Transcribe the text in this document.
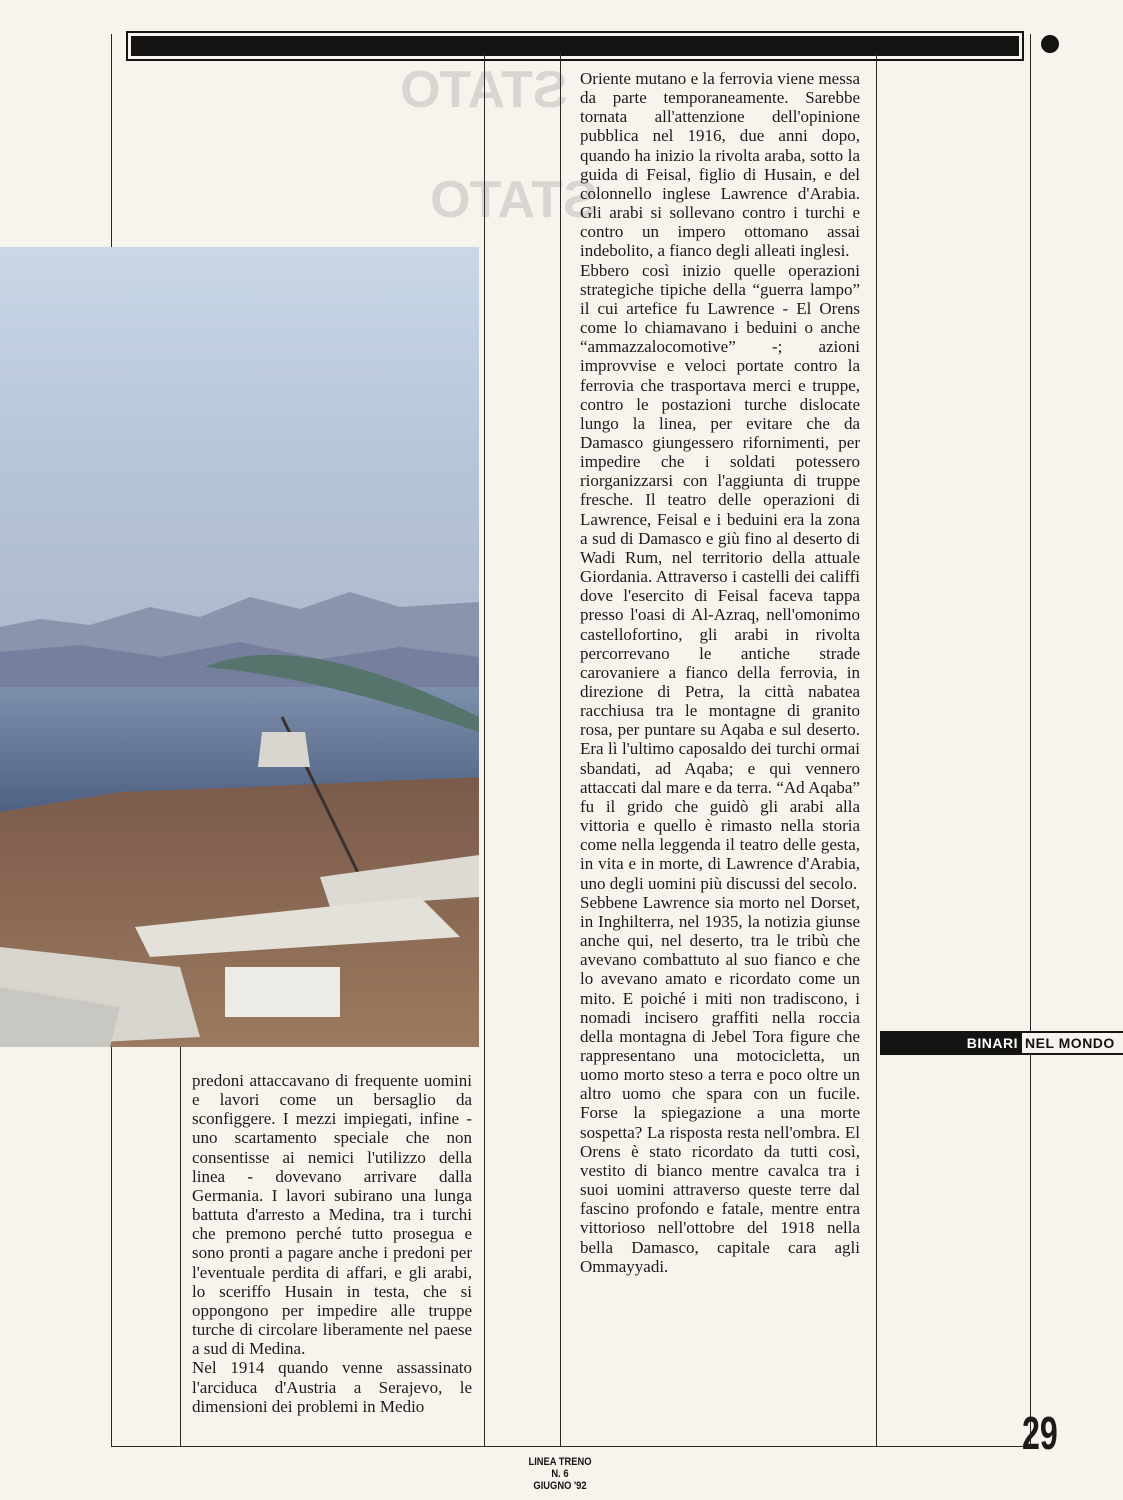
STATO
STATO

Oriente mutano e la ferrovia viene messa da parte temporaneamente. Sarebbe tornata all'attenzione dell'opinione pubblica nel 1916, due anni dopo, quando ha inizio la rivolta araba, sotto la guida di Feisal, figlio di Husain, e del colonnello inglese Lawrence d'Arabia. Gli arabi si sollevano contro i turchi e contro un impero ottomano assai indebolito, a fianco degli alleati inglesi.

Ebbero così inizio quelle operazioni strategiche tipiche della “guerra lampo” il cui artefice fu Lawrence - El Orens come lo chiamavano i beduini o anche “ammazzalocomotive” -; azioni improvvise e veloci portate contro la ferrovia che trasportava merci e truppe, contro le postazioni turche dislocate lungo la linea, per evitare che da Damasco giungessero rifornimenti, per impedire che i soldati potessero riorganizzarsi con l'aggiunta di truppe fresche. Il teatro delle operazioni di Lawrence, Feisal e i beduini era la zona a sud di Damasco e giù fino al deserto di Wadi Rum, nel territorio della attuale Giordania. Attraverso i castelli dei califfi dove l'esercito di Feisal faceva tappa presso l'oasi di Al-Azraq, nell'omonimo castellofortino, gli arabi in rivolta percorrevano le antiche strade carovaniere a fianco della ferrovia, in direzione di Petra, la città nabatea racchiusa tra le montagne di granito rosa, per puntare su Aqaba e sul deserto. Era lì l'ultimo caposaldo dei turchi ormai sbandati, ad Aqaba; e qui vennero attaccati dal mare e da terra. “Ad Aqaba” fu il grido che guidò gli arabi alla vittoria e quello è rimasto nella storia come nella leggenda il teatro delle gesta, in vita e in morte, di Lawrence d'Arabia, uno degli uomini più discussi del secolo.

Sebbene Lawrence sia morto nel Dorset, in Inghilterra, nel 1935, la notizia giunse anche qui, nel deserto, tra le tribù che avevano combattuto al suo fianco e che lo avevano amato e ricordato come un mito. E poiché i miti non tradiscono, i nomadi incisero graffiti nella roccia della montagna di Jebel Tora figure che rappresentano una motocicletta, un uomo morto steso a terra e poco oltre un altro uomo che spara con un fucile. Forse la spiegazione a una morte sospetta? La risposta resta nell'ombra. El Orens è stato ricordato da tutti così, vestito di bianco mentre cavalca tra i suoi uomini attraverso queste terre dal fascino profondo e fatale, mentre entra vittorioso nell'ottobre del 1918 nella bella Damasco, capitale cara agli Ommayyadi.

predoni attaccavano di frequente uomini e lavori come un bersaglio da sconfiggere. I mezzi impiegati, infine - uno scartamento speciale che non consentisse ai nemici l'utilizzo della linea - dovevano arrivare dalla Germania. I lavori subirano una lunga battuta d'arresto a Medina, tra i turchi che premono perché tutto prosegua e sono pronti a pagare anche i predoni per l'eventuale perdita di affari, e gli arabi, lo sceriffo Husain in testa, che si oppongono per impedire alle truppe turche di circolare liberamente nel paese a sud di Medina.

Nel 1914 quando venne assassinato l'arciduca d'Austria a Serajevo, le dimensioni dei problemi in Medio

BINARI NEL MONDO
29
LINEA TRENO
N. 6
GIUGNO '92
